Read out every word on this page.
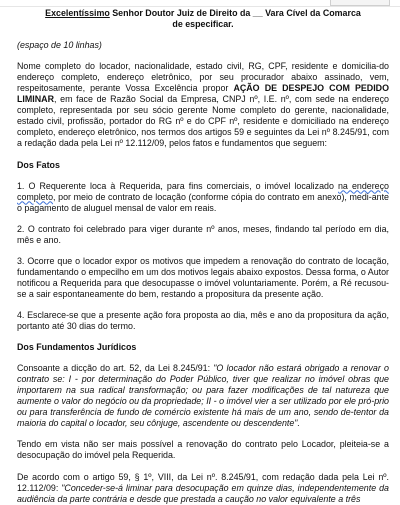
Excelentíssimo Senhor Doutor Juiz de Direito da __ Vara Cível da Comarca
de especificar.

(espaço de 10 linhas)

Nome completo do locador, nacionalidade, estado civil, RG, CPF, residente e domicilia-do endereço completo, endereço eletrônico, por seu procurador abaixo assinado, vem, respeitosamente, perante Vossa Excelência propor AÇÃO DE DESPEJO COM PEDIDO LIMINAR, em face de Razão Social da Empresa, CNPJ nº, I.E. nº, com sede na endereço completo, representada por seu sócio gerente Nome completo do gerente, nacionalidade, estado civil, profissão, portador do RG nº e do CPF nº, residente e domiciliado na endereço completo, endereço eletrônico, nos termos dos artigos 59 e seguintes da Lei nº 8.245/91, com a redação dada pela Lei nº 12.112/09, pelos fatos e fundamentos que seguem:

Dos Fatos

1. O Requerente loca à Requerida, para fins comerciais, o imóvel localizado na endereço completo, por meio de contrato de locação (conforme cópia do contrato em anexo), medi-ante o pagamento de aluguel mensal de valor em reais.

2. O contrato foi celebrado para viger durante nº anos, meses, findando tal período em dia, mês e ano.

3. Ocorre que o locador expor os motivos que impedem a renovação do contrato de locação, fundamentando o empecilho em um dos motivos legais abaixo expostos. Dessa forma, o Autor notificou a Requerida para que desocupasse o imóvel voluntariamente. Porém, a Ré recusou-se a sair espontaneamente do bem, restando a propositura da presente ação.

4. Esclarece-se que a presente ação fora proposta ao dia, mês e ano da propositura da ação, portanto até 30 dias do termo.

Dos Fundamentos Jurídicos

Consoante a dicção do art. 52, da Lei 8.245/91: "O locador não estará obrigado a renovar o contrato se: I - por determinação do Poder Público, tiver que realizar no imóvel obras que importarem na sua radical transformação; ou para fazer modificações de tal natureza que aumente o valor do negócio ou da propriedade; II - o imóvel vier a ser utilizado por ele pró-prio ou para transferência de fundo de comércio existente há mais de um ano, sendo de-tentor da maioria do capital o locador, seu cônjuge, ascendente ou descendente".

Tendo em vista não ser mais possível a renovação do contrato pelo Locador, pleiteia-se a desocupação do imóvel pela Requerida.

De acordo com o artigo 59, § 1º, VIII, da Lei nº. 8.245/91, com redação dada pela Lei nº. 12.112/09: "Conceder-se-á liminar para desocupação em quinze dias, independentemente da audiência da parte contrária e desde que prestada a caução no valor equivalente a três
